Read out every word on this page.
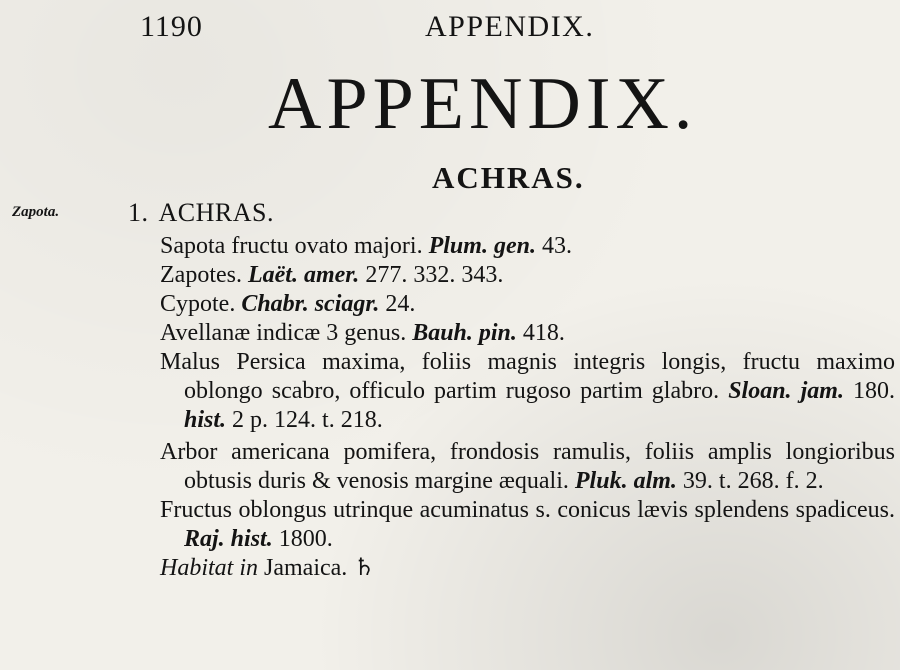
1190	APPENDIX.
APPENDIX.
ACHRAS.
Zapota.	1. ACHRAS.
Sapota fructu ovato majori. Plum. gen. 43.
Zapotes. Laët. amer. 277. 332. 343.
Cypote. Chabr. sciagr. 24.
Avellanæ indicæ 3 genus. Bauh. pin. 418.
Malus Persica maxima, foliis magnis integris longis, fructu maximo oblongo scabro, officulo partim rugoso partim glabro. Sloan. jam. 180. hist. 2 p. 124. t. 218.
Arbor americana pomifera, frondosis ramulis, foliis amplis longioribus obtusis duris & venosis margine æquali. Pluk. alm. 39. t. 268. f. 2.
Fructus oblongus utrinque acuminatus s. conicus lævis splendens spadiceus. Raj. hist. 1800.
Habitat in Jamaica. ♄
